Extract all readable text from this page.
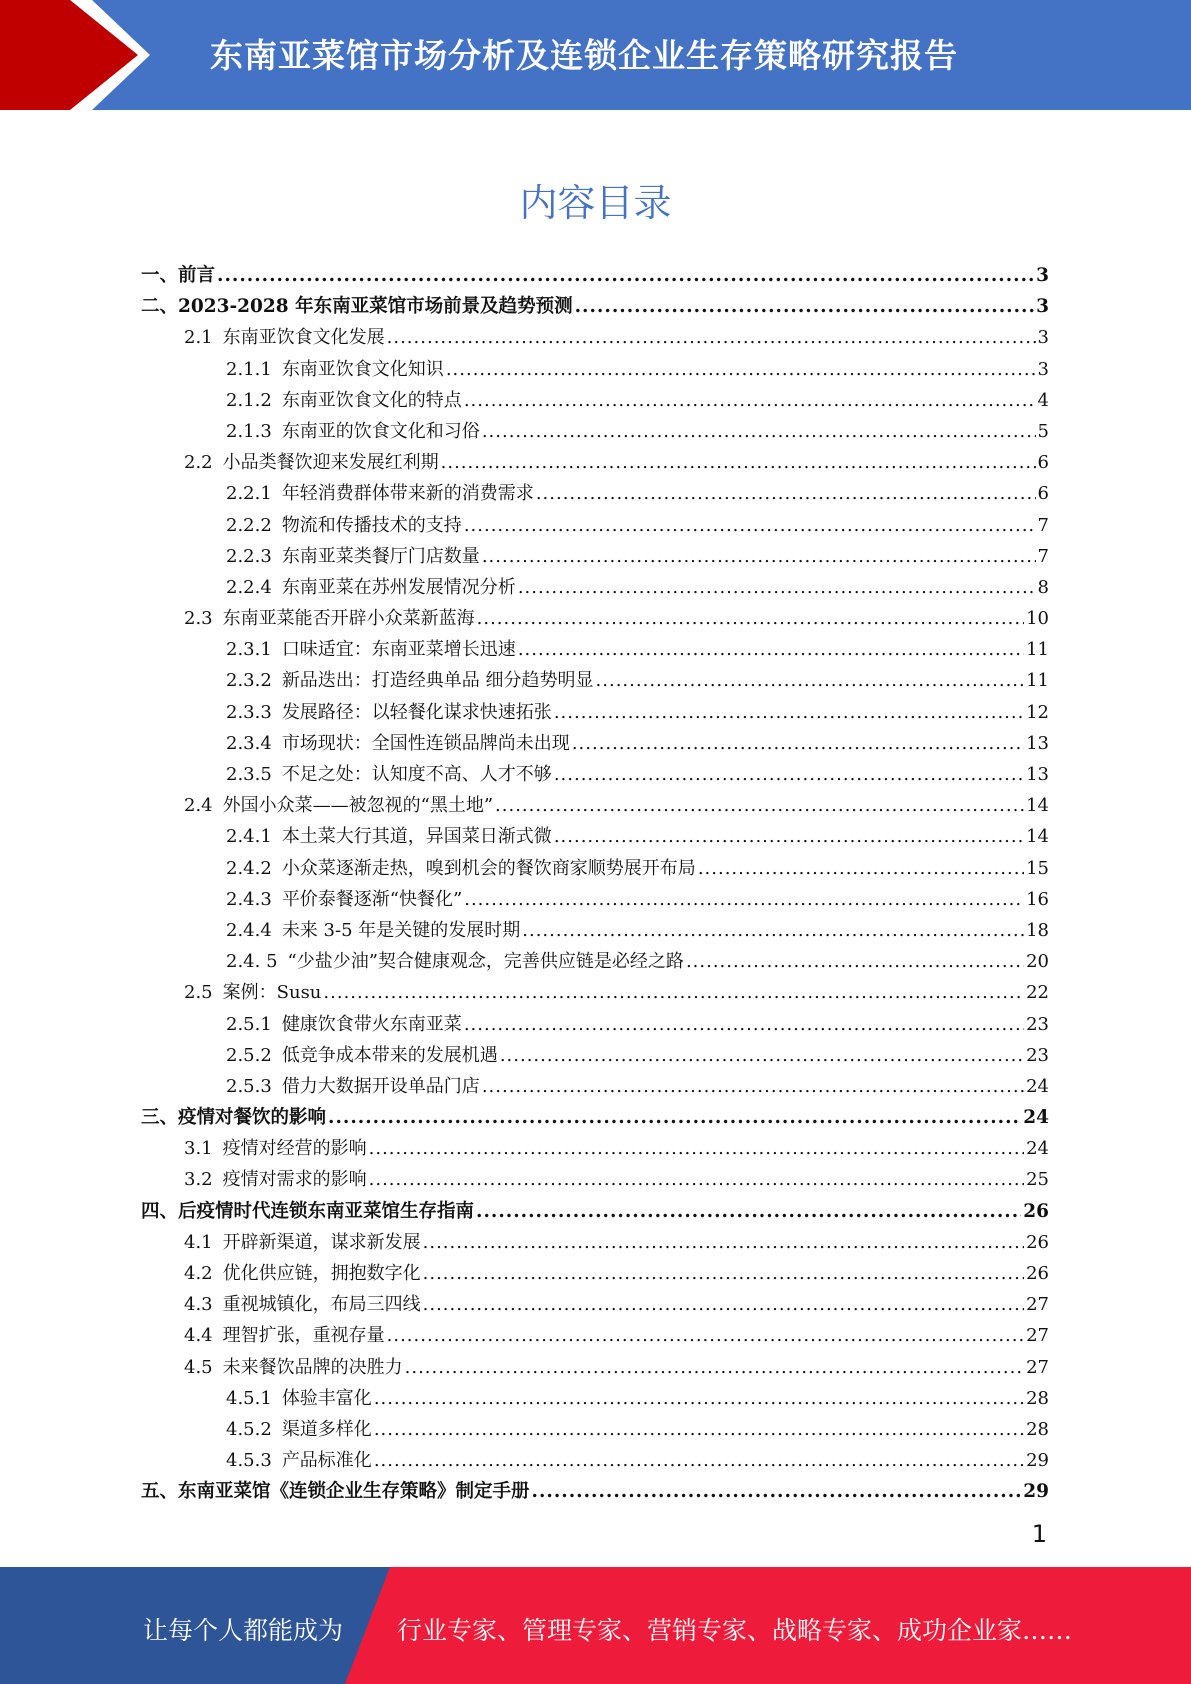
东南亚菜馆市场分析及连锁企业生存策略研究报告
内容目录
一、前言 .....	3
二、2023-2028 年东南亚菜馆市场前景及趋势预测 .....	3
2.1 东南亚饮食文化发展 .....	3
2.1.1 东南亚饮食文化知识 .....	3
2.1.2 东南亚饮食文化的特点 .....	4
2.1.3 东南亚的饮食文化和习俗 .....	5
2.2 小品类餐饮迎来发展红利期 .....	6
2.2.1 年轻消费群体带来新的消费需求 .....	6
2.2.2 物流和传播技术的支持 .....	7
2.2.3 东南亚菜类餐厅门店数量 .....	7
2.2.4 东南亚菜在苏州发展情况分析 .....	8
2.3 东南亚菜能否开辟小众菜新蓝海 .....	10
2.3.1 口味适宜：东南亚菜增长迅速 .....	11
2.3.2 新品迭出：打造经典单品 细分趋势明显 .....	11
2.3.3 发展路径：以轻餐化谋求快速拓张 .....	12
2.3.4 市场现状：全国性连锁品牌尚未出现 .....	13
2.3.5 不足之处：认知度不高、人才不够 .....	13
2.4 外国小众菜——被忽视的“黑土地” .....	14
2.4.1 本土菜大行其道，异国菜日渐式微 .....	14
2.4.2 小众菜逐渐走热，嗅到机会的餐饮商家顺势展开布局 .....	15
2.4.3 平价泰餐逐渐“快餐化” .....	16
2.4.4 未来 3-5 年是关键的发展时期 .....	18
2.4. 5 “少盐少油”契合健康观念，完善供应链是必经之路 .....	20
2.5 案例：Susu .....	22
2.5.1 健康饮食带火东南亚菜 .....	23
2.5.2 低竞争成本带来的发展机遇 .....	23
2.5.3 借力大数据开设单品门店 .....	24
三、疫情对餐饮的影响 .....	24
3.1 疫情对经营的影响 .....	24
3.2 疫情对需求的影响 .....	25
四、后疫情时代连锁东南亚菜馆生存指南 .....	26
4.1 开辟新渠道，谋求新发展 .....	26
4.2 优化供应链，拥抱数字化 .....	26
4.3 重视城镇化，布局三四线 .....	27
4.4 理智扩张，重视存量 .....	27
4.5 未来餐饮品牌的决胜力 .....	27
4.5.1 体验丰富化 .....	28
4.5.2 渠道多样化 .....	28
4.5.3 产品标准化 .....	29
五、东南亚菜馆《连锁企业生存策略》制定手册 .....	29
1
让每个人都能成为 行业专家、管理专家、营销专家、战略专家、成功企业家……
